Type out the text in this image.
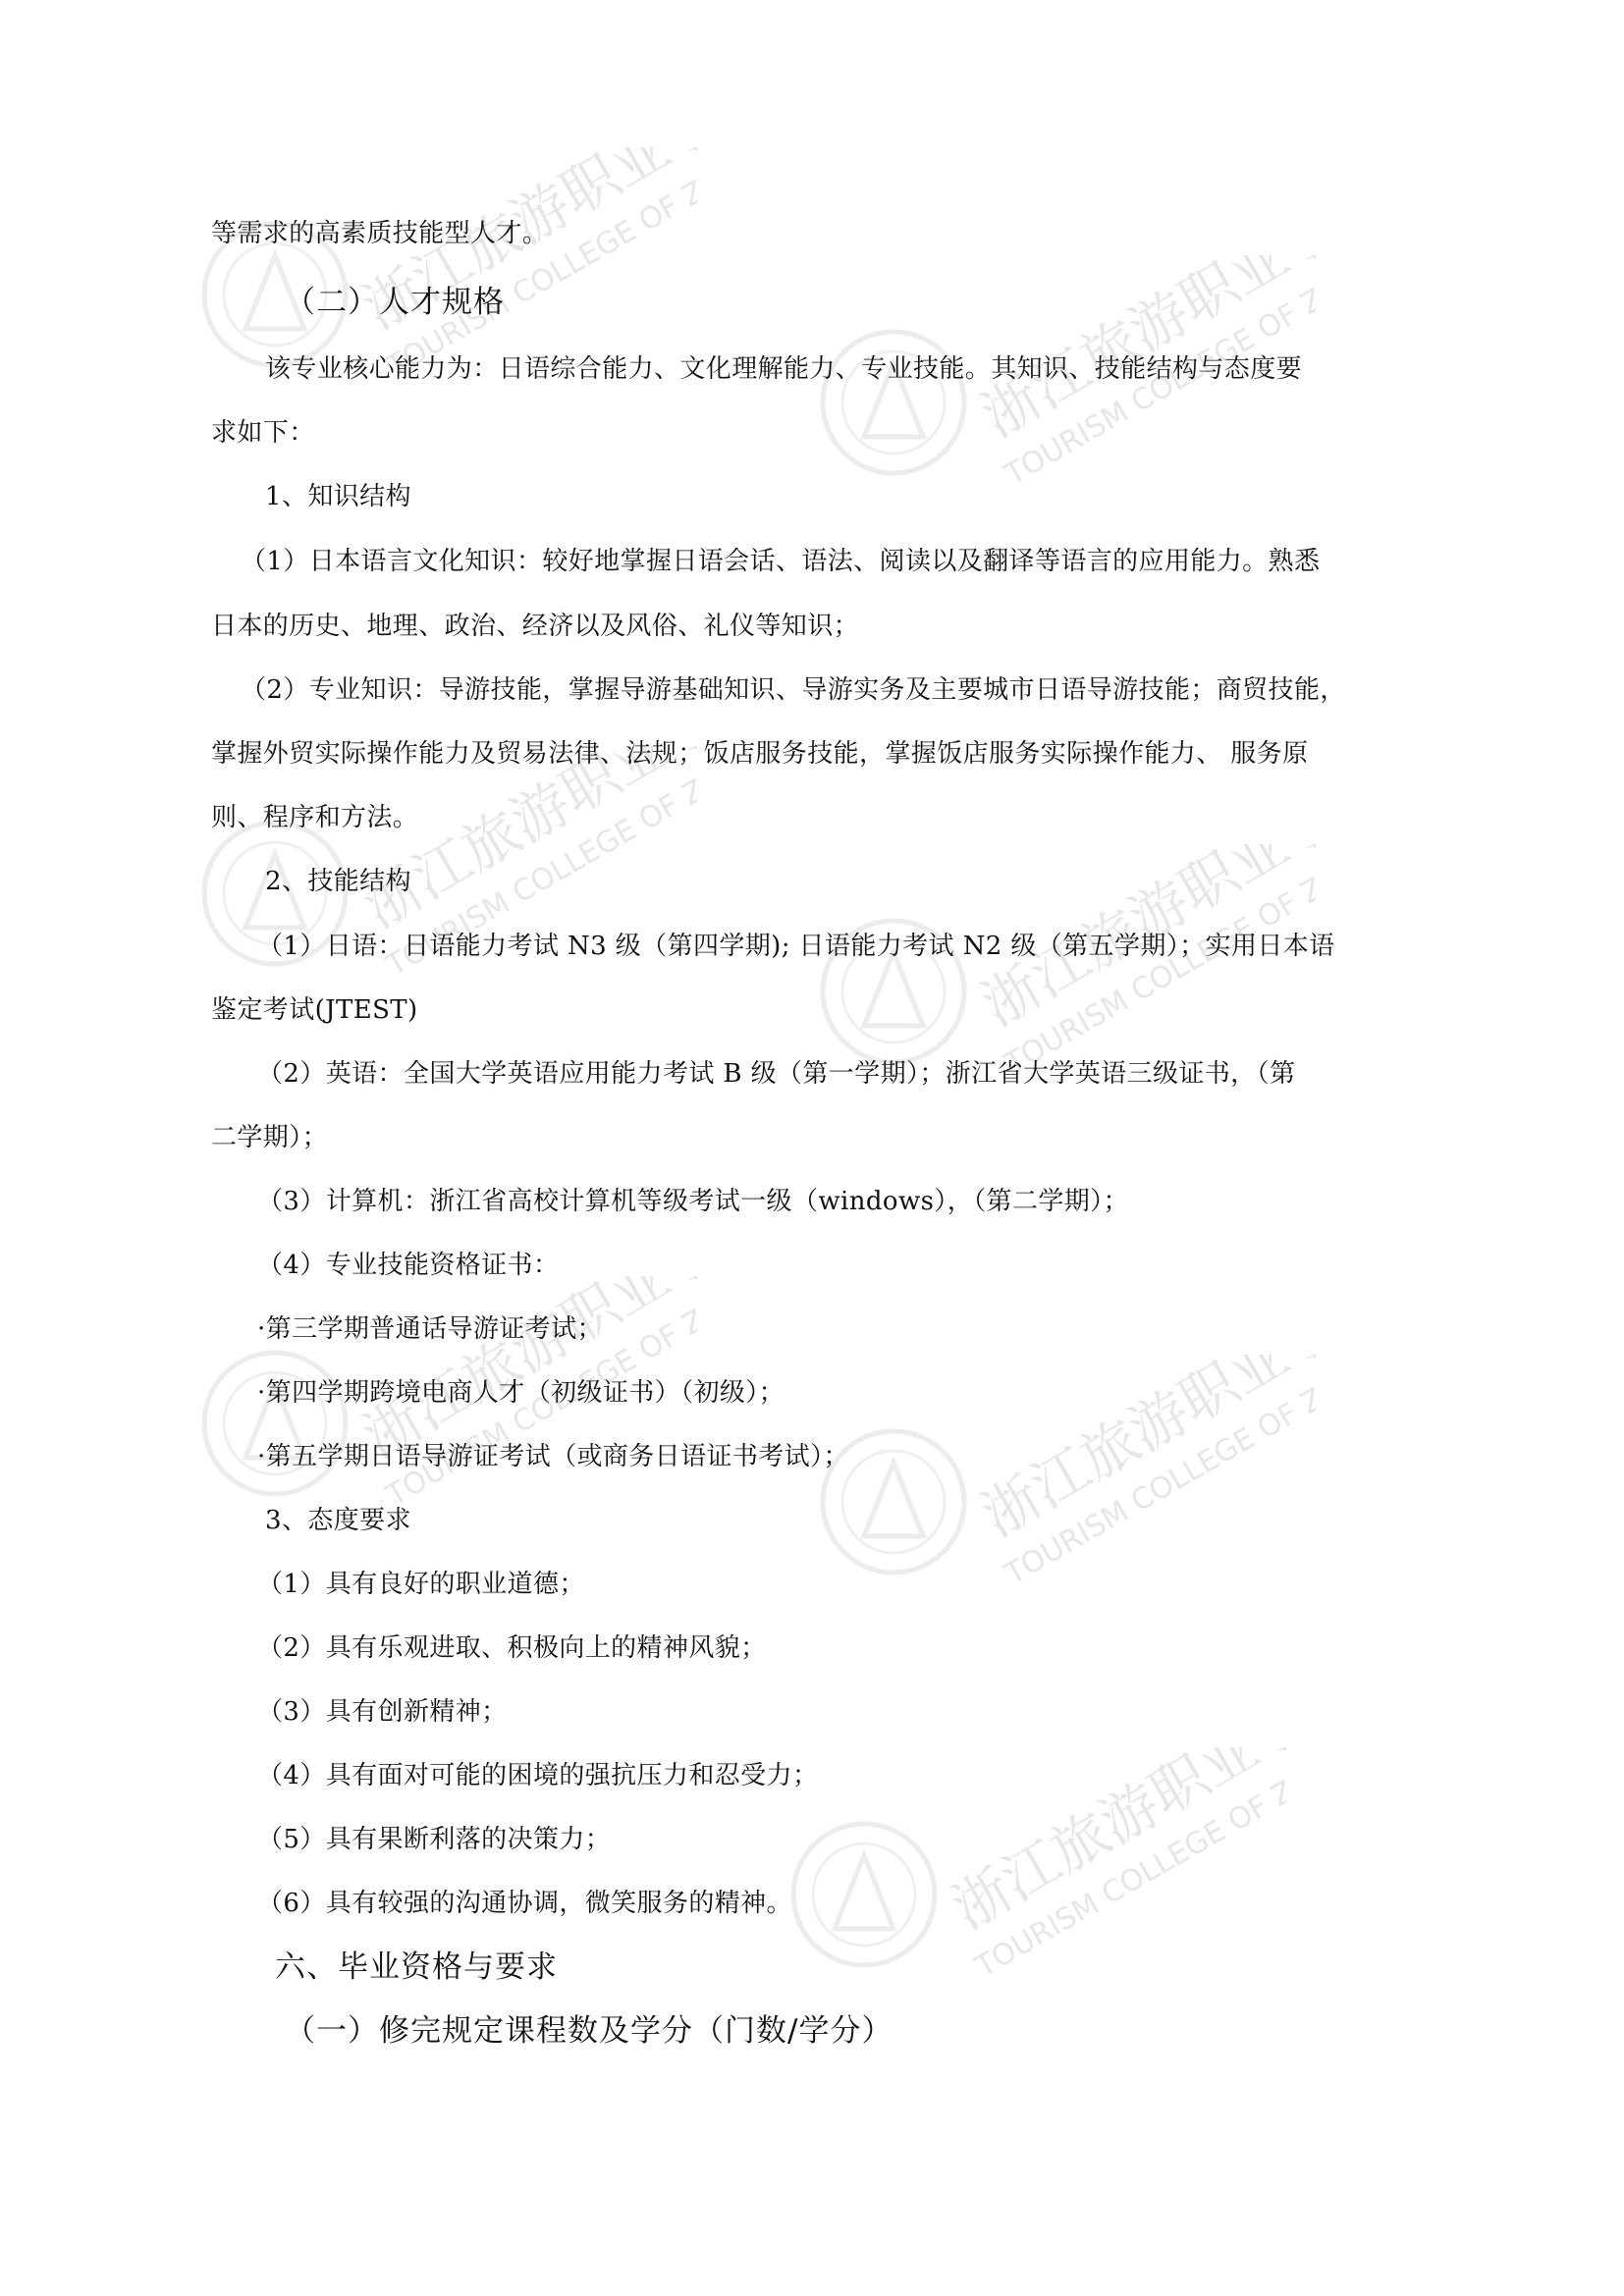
浙江旅游职业学院
TOURISM COLLEGE OF ZHEJIANG
浙江旅游职业学院
TOURISM COLLEGE OF ZHEJIANG
浙江旅游职业学院
TOURISM COLLEGE OF ZHEJIANG	浙江旅游职业学院
TOURISM COLLEGE OF ZHEJIANG
浙江旅游职业学院
TOURISM COLLEGE OF ZHEJIANG	浙江旅游职业学院
TOURISM COLLEGE OF ZHEJIANG
浙江旅游职业学院
TOURISM COLLEGE OF ZHEJIANG
等需求的高素质技能型人才。
（二）人才规格
该专业核心能力为：日语综合能力、文化理解能力、专业技能。其知识、技能结构与态度要
求如下：
1、知识结构
（1）日本语言文化知识：较好地掌握日语会话、语法、阅读以及翻译等语言的应用能力。熟悉
日本的历史、地理、政治、经济以及风俗、礼仪等知识；
（2）专业知识：导游技能，掌握导游基础知识、导游实务及主要城市日语导游技能；商贸技能，
掌握外贸实际操作能力及贸易法律、法规；饭店服务技能，掌握饭店服务实际操作能力、 服务原
则、程序和方法。
2、技能结构
（1）日语：日语能力考试 N3 级（第四学期); 日语能力考试 N2 级（第五学期）；实用日本语
鉴定考试(JTEST)
（2）英语：全国大学英语应用能力考试 B 级（第一学期）；浙江省大学英语三级证书，（第
二学期）；
（3）计算机：浙江省高校计算机等级考试一级（windows），（第二学期）；
（4）专业技能资格证书：
·第三学期普通话导游证考试；
·第四学期跨境电商人才（初级证书）（初级）；
·第五学期日语导游证考试（或商务日语证书考试）；
3、态度要求
（1）具有良好的职业道德；
（2）具有乐观进取、积极向上的精神风貌；
（3）具有创新精神；
（4）具有面对可能的困境的强抗压力和忍受力；
（5）具有果断利落的决策力；
（6）具有较强的沟通协调，微笑服务的精神。
六、毕业资格与要求
（一）修完规定课程数及学分（门数/学分）
